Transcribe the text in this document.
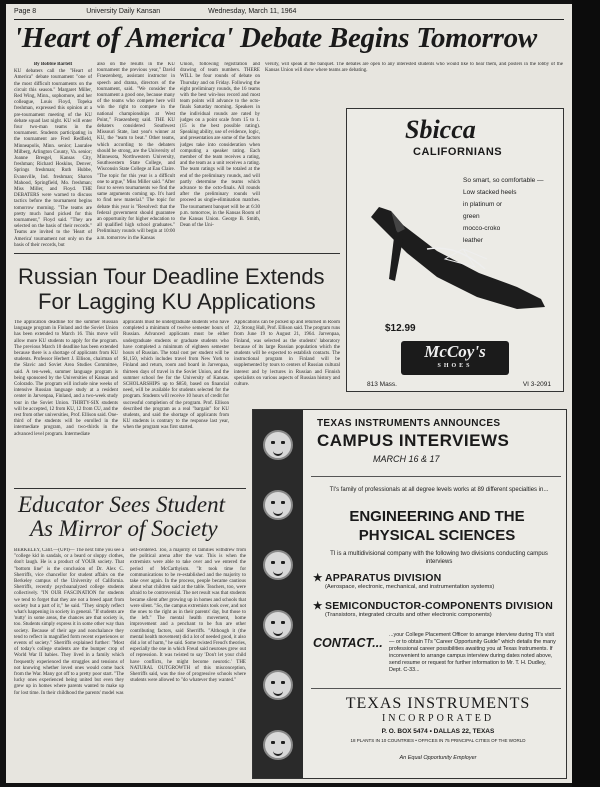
Page 8	University Daily Kansan	Wednesday, March 11, 1964
'Heart of America' Debate Begins Tomorrow
By Bobbie Bartelt
KU debaters call the "Heart of America" debate tournament "one of the most difficult tournaments on the circuit this season." Margaret Miller, Red Wing, Minn., sophomore, and her colleague, Louis Floyd, Topeka freshman, expressed this opinion at a pre-tournament meeting of the KU debate squad last night. KU will enter four two-man teams in the tournament. Students participating in the tournament are Fred Redfield, Minneapolis, Minn. senior; Lauralee Milberg, Arlington County, Va. senior; Joanne Bresgel, Kansas City, freshman; Richard Hoskins, Denver, Springs freshman; Ruth Hubbe, Evansville, Ind. freshman; Sharon Mahood, Springfield, Mo. freshman; Miss Miller, and Floyd. THE DEBATERS were warned to discuss tactics before the tournament begins tomorrow morning. "The teams are pretty much hand picked for this tournament," Floyd said. "They are selected on the basis of their records." Teams are invited to the 'Heart of America' tournament not only on the basis of their records, but
also on the results in the KU tournament the previous year," David Fraezenberg, assistant instructor in speech and drama, directors of the tournament, said. "We consider the tournament a good one, because many of the teams who compete here will win the right to compete in the national championships at West Point," Fraezenberg said. THE KU debaters considered Southwest Missouri State, last year's winner at KU, the "team to beat." Other teams, which according to the debaters should be strong, are the University of Minnesota, Northwestern University, Southwestern State College, and Wisconsin State College at Eau Claire. "The topic for this year is a difficult one to argue," Miss Miller said. "After four to seven tournaments we find the same arguments coming up. It's hard to find new material." The topic for debate this year is "Resolved: that the federal government should guarantee an opportunity for higher education to all qualified high school graduates." Preliminary rounds will begin at 10:00 a.m. tomorrow in the Kansas
Union, following registration and drawing of team numbers. THERE WILL be four rounds of debate on Thursday and on Friday. Following the eight preliminary rounds, the 16 teams with the best win-loss record and most team points will advance to the octo-finals Saturday morning. Speakers in the individual rounds are rated by judges on a point scale from 15 to 1. (15 is the best possible rating). Speaking ability, use of evidence, logic, and presentation are some of the factors judges take into consideration when computing a speaker rating. Each member of the team receives a rating, and the team as a unit receives a rating. The team ratings will be totaled at the end of the preliminary rounds, and will partly determine the teams which advance to the octo-finals. All rounds after the preliminary rounds will proceed as single-elimination matches. The tournament banquet will be at 6:30 p.m. tomorrow, in the Kansas Room of the Kansas Union. George B. Smith, Dean of the Uni-
versity, will speak at the banquet. The debates are open to any interested students who would like to hear them, and posters in the lobby of the Kansas Union will show where teams are debating.
Russian Tour Deadline Extends
For Lagging KU Applications
The application deadline for the summer Russian language program in Finland and the Soviet Union has been extended to March 16. This move will allow more KU students to apply for the program. The previous March 10 deadline has been extended because there is a shortage of applicants from KU students. Professor Herbert J. Ellison, chairman of the Slavic and Soviet Area Studies Committee, said. A ten-week, summer language program is being sponsored by the Universities of Kansas and Colorado. The program will include nine weeks of intensive Russian language study at a resident center in Jarvenpaa, Finland, and a two-week study tour in the Soviet Union. THIRTY-SIX students will be accepted, 12 from KU, 12 from CU, and the rest from other universities, Prof. Ellison said. One-third of the students will be enrolled in the intermediate program, and two-thirds in the advanced level program. Intermediate
applicants must be undergraduate students who have completed a minimum of twelve semester hours of Russian. Advanced applicants must be either undergraduate students or graduate students who have completed a minimum of eighteen semester hours of Russian. The total cost per student will be $1,150, which includes travel from New York to Finland and return, room and board in Jarvenpaa, thirteen days of travel in the Soviet Union, and the summer school fee for the University of Kansas. SCHOLARSHIPS up to $850, based on financial need, will be available for students selected for the program. Students will receive 10 hours of credit for successful completion of the program. Prof. Ellison described the program as a real "bargain" for KU students, and said the shortage of applicants from KU students is contrary to the response last year, when the program was first started.
Applications can be picked up and returned in Room 22, Strong Hall, Prof. Ellison said. The program runs from June 19 to August 21, 1964. Jarvenpaa, Finland, was selected as the students' laboratory because of its large Russian population which the students will be expected to establish contacts. The instructional program in Finland will be supplemented by tours to centers of Russian cultural interest and by lectures in Russian and Finnish specialists on various aspects of Russian history and culture.
Educator Sees Student
As Mirror of Society
BERKELEY, Calif.—(UPI)— The next time you see a "college kid in sandals, or a beard or sloppy clothes, don't laugh. He is a product of YOUR society. That "bottom line" is the conclusion of Dr. Alex C. Sherriffs, vice chancellor for student affairs on the Berkeley campus of the University of California. Sherriffs, recently psychoanalyzed college students collectively. "IN OUR FASCINATION for students we tend to forget that they are not a breed apart from society but a part of it," he said. "They simply reflect what's happening in society in general. "If students are 'nutty' in some areas, the chances are that society is, too. Students simply express it in some other way than society. Because of their age and nonchalance they tend to reflect in magnified form recent experiences or events of society." Sherriffs explained further: "Most of today's college students are the bumper crop of World War II babies. They lived in a family which frequently experienced the struggles and tensions of not knowing whether loved ones would come back from the War. Many got off to a pretty poor start. "The lucky ones experienced being united but even they grew up in homes where parents wanted to make up for lost time. In their childhood the parents' model was
self-centered. Too, a majority of families withdrew from the political arena after the war. This is when the extremists were able to take over and we entered the period of McCarthyism. "It took time for communications to be re-established and the majority to take over again. In the process, people became cautious about what children said at the table. Teachers, too, were afraid to be controversial. The net result was that students became silent after growing up in homes and schools that were silent. "So, the campus extremists took over, and not the ones to the right as in their parents' day, but those to the left." The mental health movement, home improvement and a penchant to be fun are other contributing factors, said Sherriffs. "Although it (the mental health movement) did a lot of needed good, it also did a lot of harm," he said. Some twisted Freud's theories, especially the one in which Freud said neuroses grew out of repression. It was twisted to say 'Don't let your child have conflicts, he might become neurotic.' THE NATURAL OUTGROWTH of this misconception, Sherriffs said, was the rise of progressive schools where students were allowed to "do whatever they wanted."
Sbicca
CALIFORNIANS
So smart, so comfortable —
Low stacked heels
in platinum or
green
mocco-croko
leather
$12.99
McCoy's
SHOES
813 Mass.	VI 3-2091
TEXAS INSTRUMENTS ANNOUNCES
CAMPUS INTERVIEWS
MARCH 16 & 17
TI's family of professionals at all degree levels works at 89 different specialties in...
ENGINEERING AND THE
PHYSICAL SCIENCES
TI is a multidivisional company with the following two divisions conducting campus interviews
★ APPARATUS DIVISION
(Aerospace, electronic, mechanical, and instrumentation systems)
★ SEMICONDUCTOR-COMPONENTS DIVISION
(Transistors, integrated circuits and other electronic components)
CONTACT...
...your College Placement Officer to arrange interview during TI's visit — or to obtain TI's "Career Opportunity Guide" which details the many professional career possibilities awaiting you at Texas Instruments. If inconvenient to arrange campus interview during dates noted above, send resume or request for further information to Mr. T. H. Dudley, Dept. C-33...
TEXAS INSTRUMENTS
INCORPORATED
P. O. BOX 5474 • DALLAS 22, TEXAS
18 PLANTS IN 10 COUNTRIES • OFFICES IN 75 PRINCIPAL CITIES OF THE WORLD
An Equal Opportunity Employer
